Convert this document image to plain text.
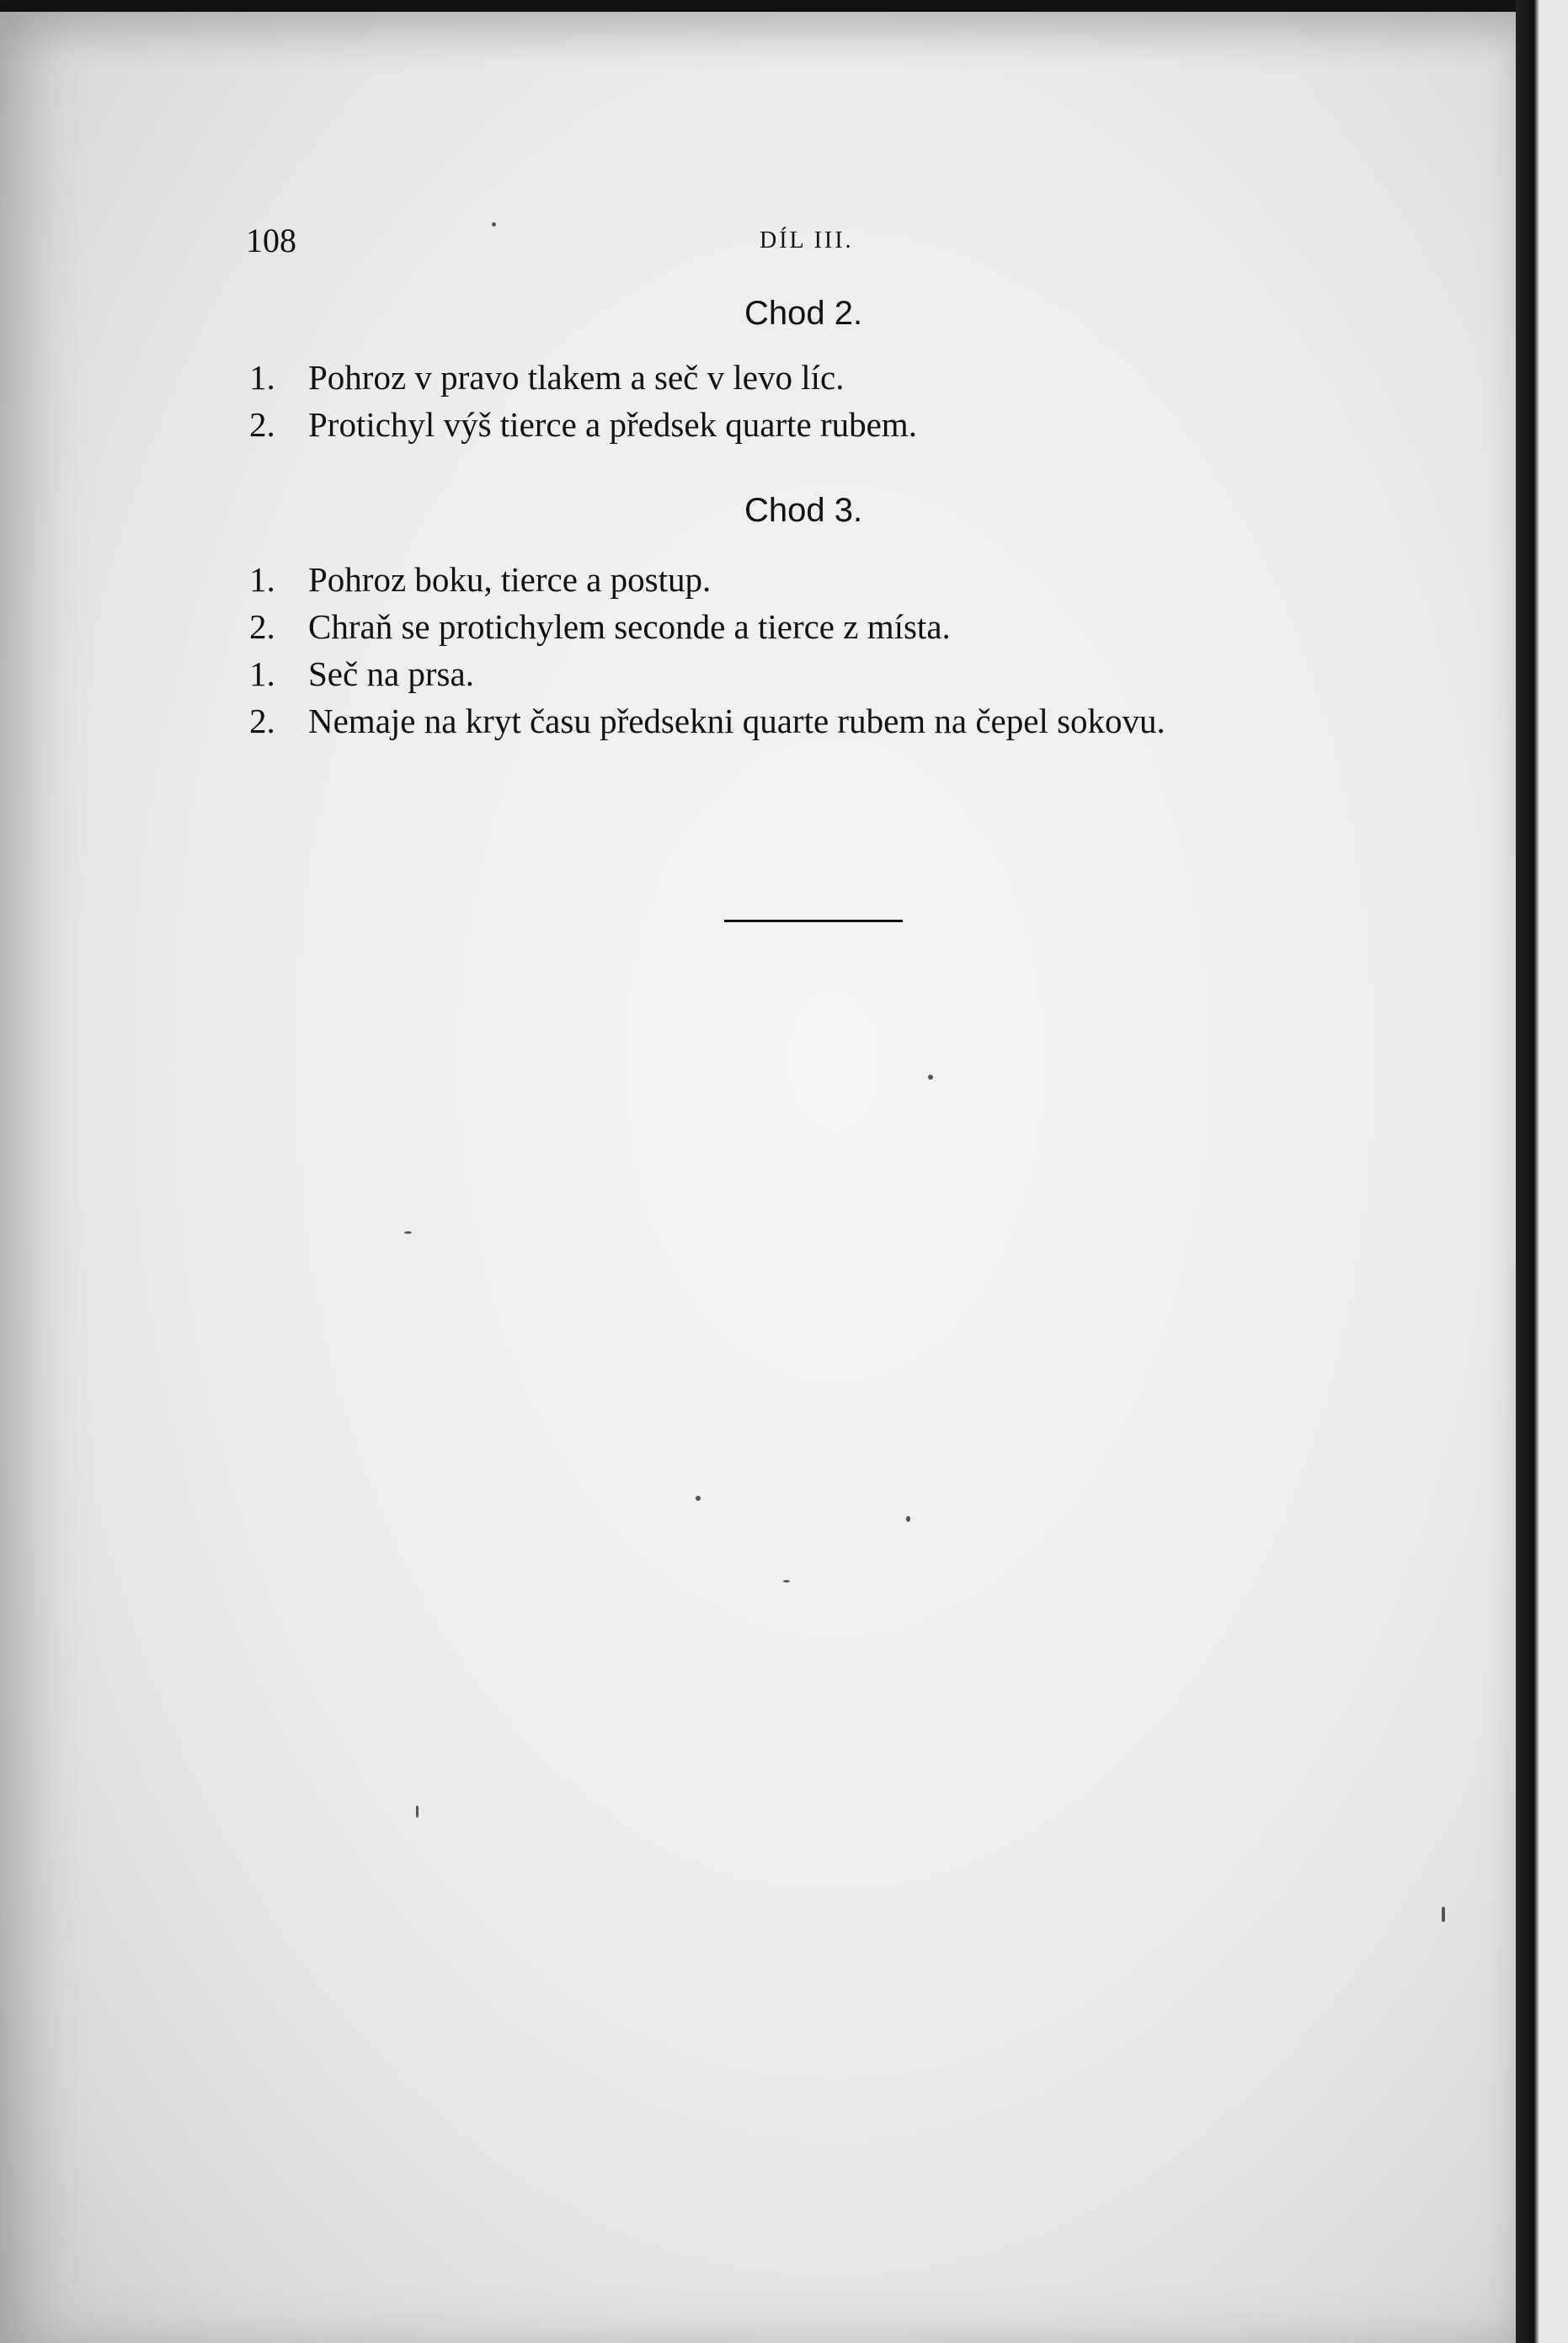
108	DÍL III.
Chod 2.
1. Pohroz v pravo tlakem a seč v levo líc.
2. Protichyl výš tierce a předsek quarte rubem.
Chod 3.
1. Pohroz boku, tierce a postup.
2. Chraň se protichylem seconde a tierce z místa.
1. Seč na prsa.
2. Nemaje na kryt času předsekni quarte rubem na čepel sokovu.
